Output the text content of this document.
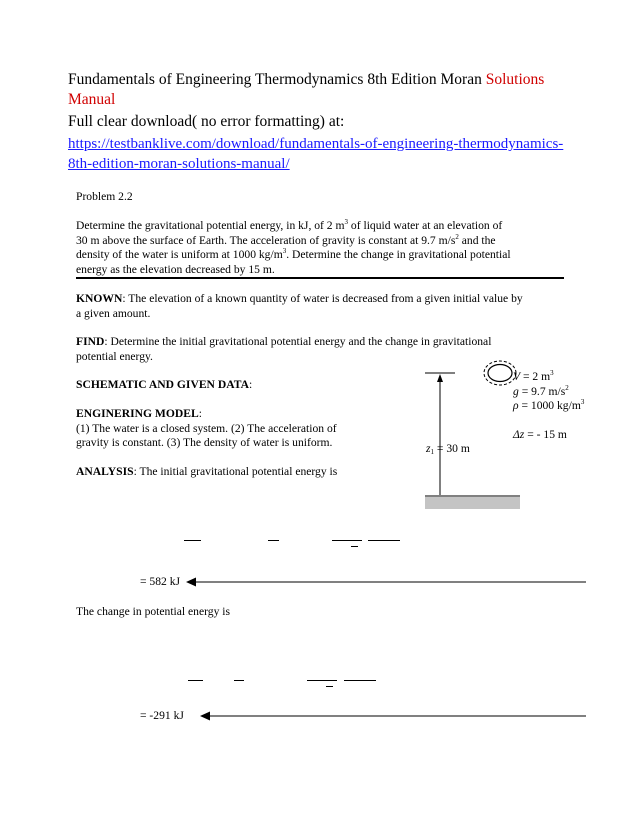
Fundamentals of Engineering Thermodynamics 8th Edition Moran Solutions
Manual
Full clear download( no error formatting) at:
https://testbanklive.com/download/fundamentals-of-engineering-thermodynamics-
8th-edition-moran-solutions-manual/
Problem 2.2
Determine the gravitational potential energy, in kJ, of 2 $m^3$ of liquid water at an elevation of
30 m above the surface of Earth. The acceleration of gravity is constant at 9.7 $m/s^2$ and the
density of the water is uniform at 1000 $kg/m^3$. Determine the change in gravitational potential
energy as the elevation decreased by 15 m.
KNOWN: The elevation of a known quantity of water is decreased from a given initial value by
a given amount.
FIND: Determine the initial gravitational potential energy and the change in gravitational
potential energy.
SCHEMATIC AND GIVEN DATA:
ENGINERING MODEL:
(1) The water is a closed system. (2) The acceleration of
gravity is constant. (3) The density of water is uniform.
ANALYSIS: The initial gravitational potential energy is
$z_1 = 30$ m
V = 2 $m^3$
g = 9.7 $m/s^2$
ρ = 1000 $kg/m^3$
Δz = - 15 m
= 582 kJ
The change in potential energy is
= -291 kJ
